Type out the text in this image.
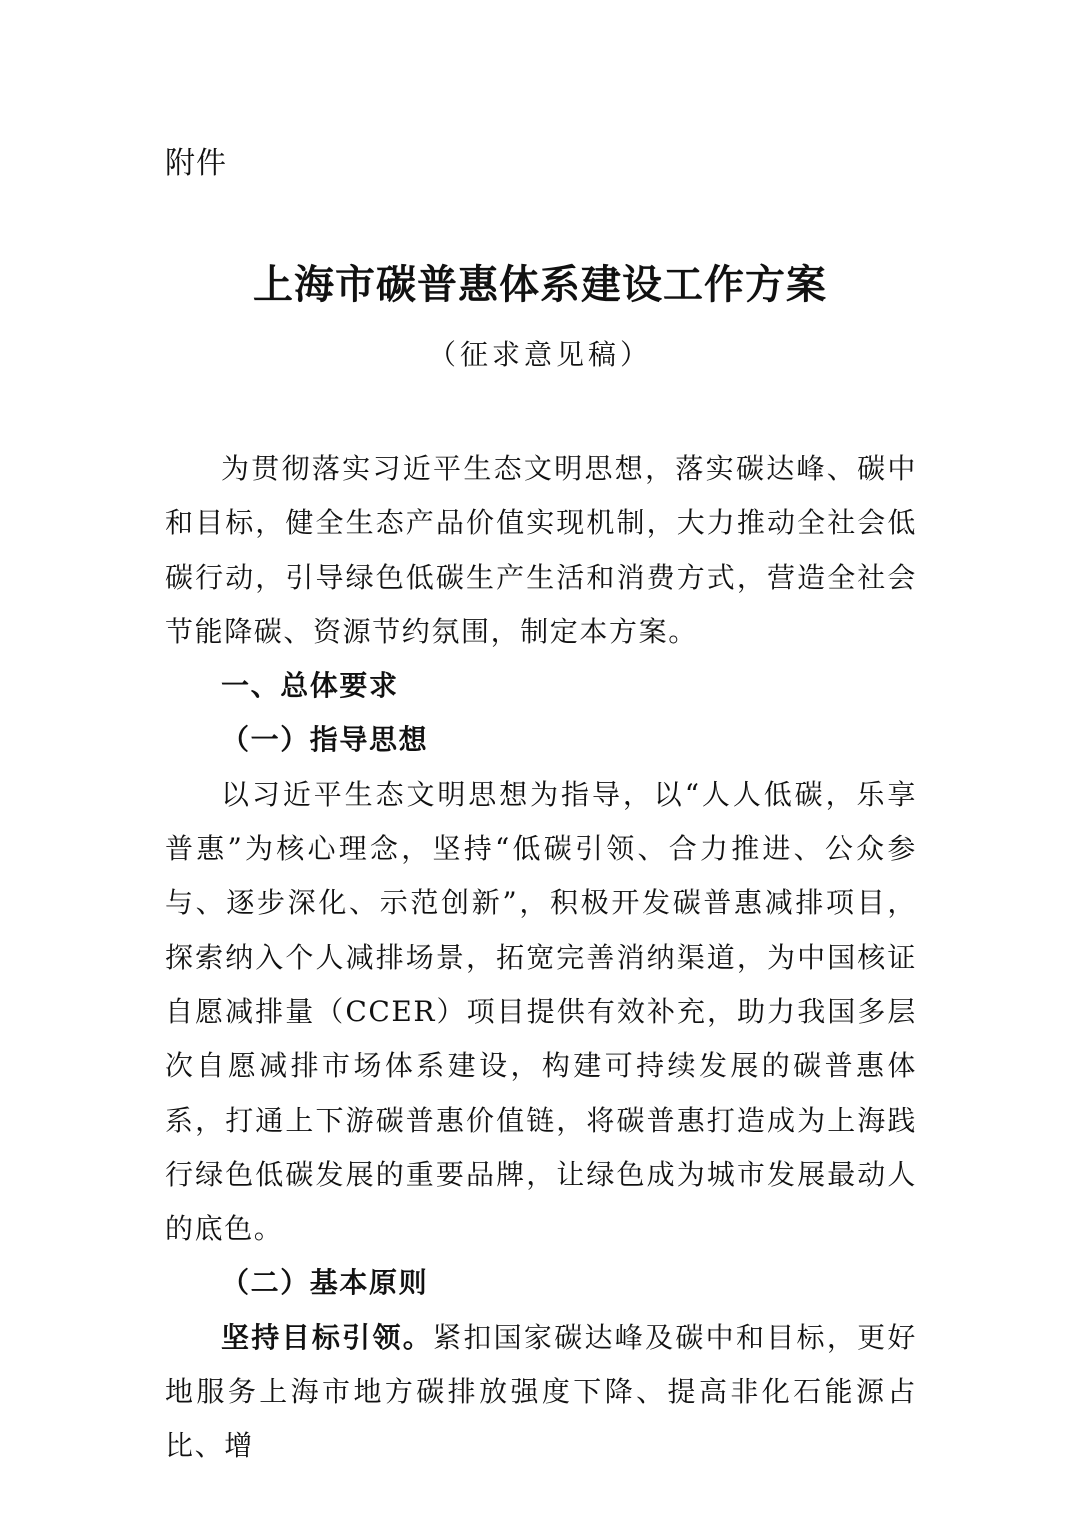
附件
上海市碳普惠体系建设工作方案
（征求意见稿）

为贯彻落实习近平生态文明思想，落实碳达峰、碳中和目标，健全生态产品价值实现机制，大力推动全社会低碳行动，引导绿色低碳生产生活和消费方式，营造全社会节能降碳、资源节约氛围，制定本方案。

一、总体要求

（一）指导思想

以习近平生态文明思想为指导，以“人人低碳，乐享普惠”为核心理念，坚持“低碳引领、合力推进、公众参与、逐步深化、示范创新”，积极开发碳普惠减排项目，探索纳入个人减排场景，拓宽完善消纳渠道，为中国核证自愿减排量（CCER）项目提供有效补充，助力我国多层次自愿减排市场体系建设，构建可持续发展的碳普惠体系，打通上下游碳普惠价值链，将碳普惠打造成为上海践行绿色低碳发展的重要品牌，让绿色成为城市发展最动人的底色。

（二）基本原则

坚持目标引领。紧扣国家碳达峰及碳中和目标，更好地服务上海市地方碳排放强度下降、提高非化石能源占比、增
